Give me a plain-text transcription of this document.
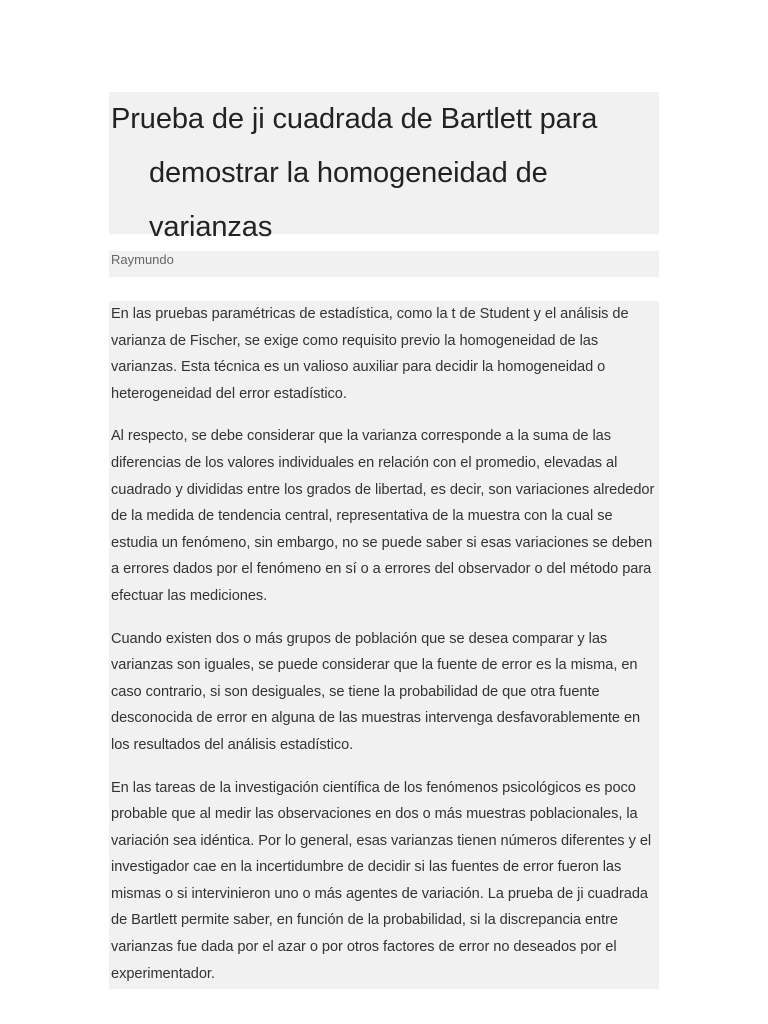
Prueba de ji cuadrada de Bartlett para demostrar la homogeneidad de varianzas
Raymundo

En las pruebas paramétricas de estadística, como la t de Student y el análisis de varianza de Fischer, se exige como requisito previo la homogeneidad de las varianzas. Esta técnica es un valioso auxiliar para decidir la homogeneidad o heterogeneidad del error estadístico.

Al respecto, se debe considerar que la varianza corresponde a la suma de las diferencias de los valores individuales en relación con el promedio, elevadas al cuadrado y divididas entre los grados de libertad, es decir, son variaciones alrededor de la medida de tendencia central, representativa de la muestra con la cual se estudia un fenómeno, sin embargo, no se puede saber si esas variaciones se deben a errores dados por el fenómeno en sí o a errores del observador o del método para efectuar las mediciones.

Cuando existen dos o más grupos de población que se desea comparar y las varianzas son iguales, se puede considerar que la fuente de error es la misma, en caso contrario, si son desiguales, se tiene la probabilidad de que otra fuente desconocida de error en alguna de las muestras intervenga desfavorablemente en los resultados del análisis estadístico.

En las tareas de la investigación científica de los fenómenos psicológicos es poco probable que al medir las observaciones en dos o más muestras poblacionales, la variación sea idéntica. Por lo general, esas varianzas tienen números diferentes y el investigador cae en la incertidumbre de decidir si las fuentes de error fueron las mismas o si intervinieron uno o más agentes de variación. La prueba de ji cuadrada de Bartlett permite saber, en función de la probabilidad, si la discrepancia entre varianzas fue dada por el azar o por otros factores de error no deseados por el experimentador.
